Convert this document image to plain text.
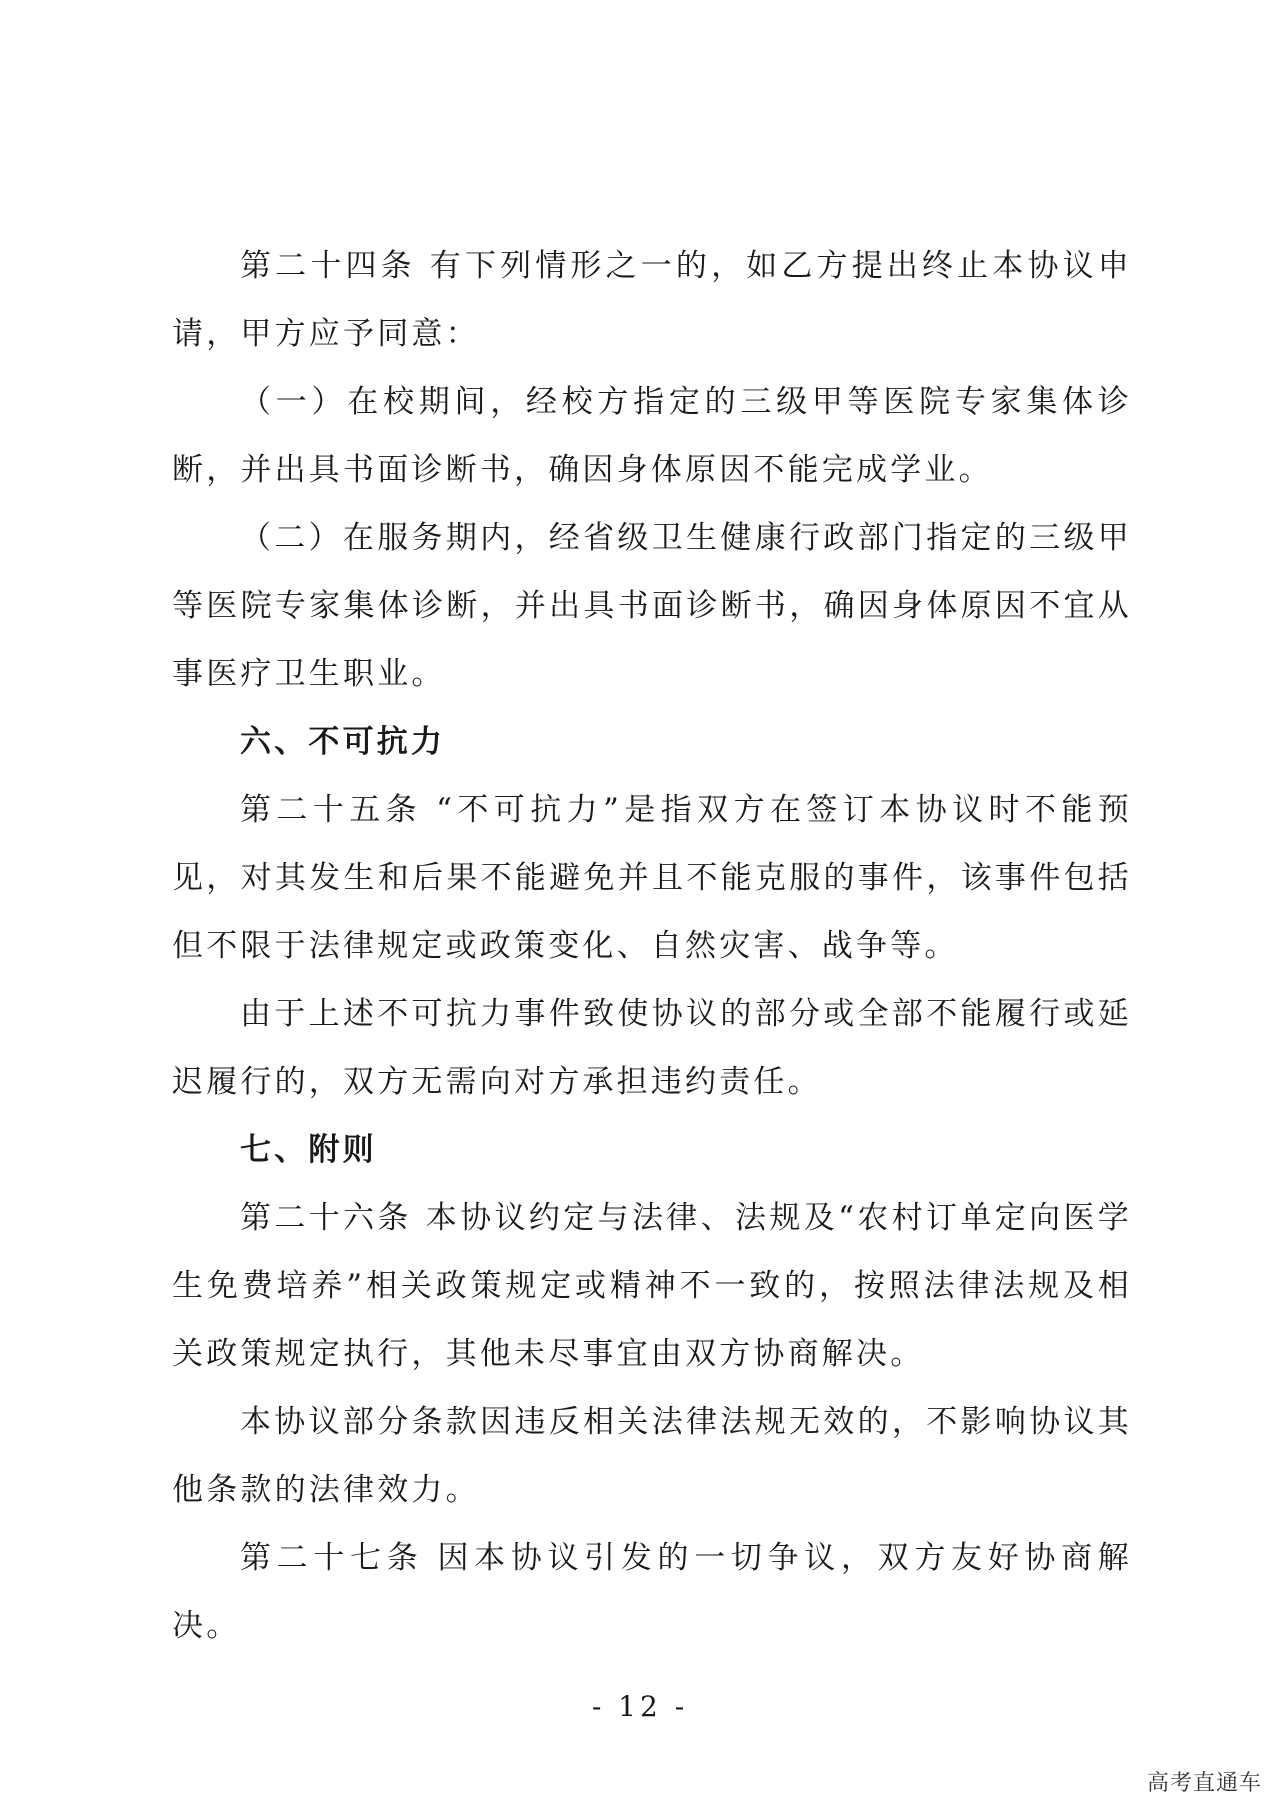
第二十四条 有下列情形之一的，如乙方提出终止本协议申请，甲方应予同意：

（一）在校期间，经校方指定的三级甲等医院专家集体诊断，并出具书面诊断书，确因身体原因不能完成学业。

（二）在服务期内，经省级卫生健康行政部门指定的三级甲等医院专家集体诊断，并出具书面诊断书，确因身体原因不宜从事医疗卫生职业。

六、不可抗力

第二十五条 “不可抗力”是指双方在签订本协议时不能预见，对其发生和后果不能避免并且不能克服的事件，该事件包括但不限于法律规定或政策变化、自然灾害、战争等。

由于上述不可抗力事件致使协议的部分或全部不能履行或延迟履行的，双方无需向对方承担违约责任。

七、附则

第二十六条 本协议约定与法律、法规及“农村订单定向医学生免费培养”相关政策规定或精神不一致的，按照法律法规及相关政策规定执行，其他未尽事宜由双方协商解决。

本协议部分条款因违反相关法律法规无效的，不影响协议其他条款的法律效力。

第二十七条 因本协议引发的一切争议，双方友好协商解决。

- 12 -
高考直通车
